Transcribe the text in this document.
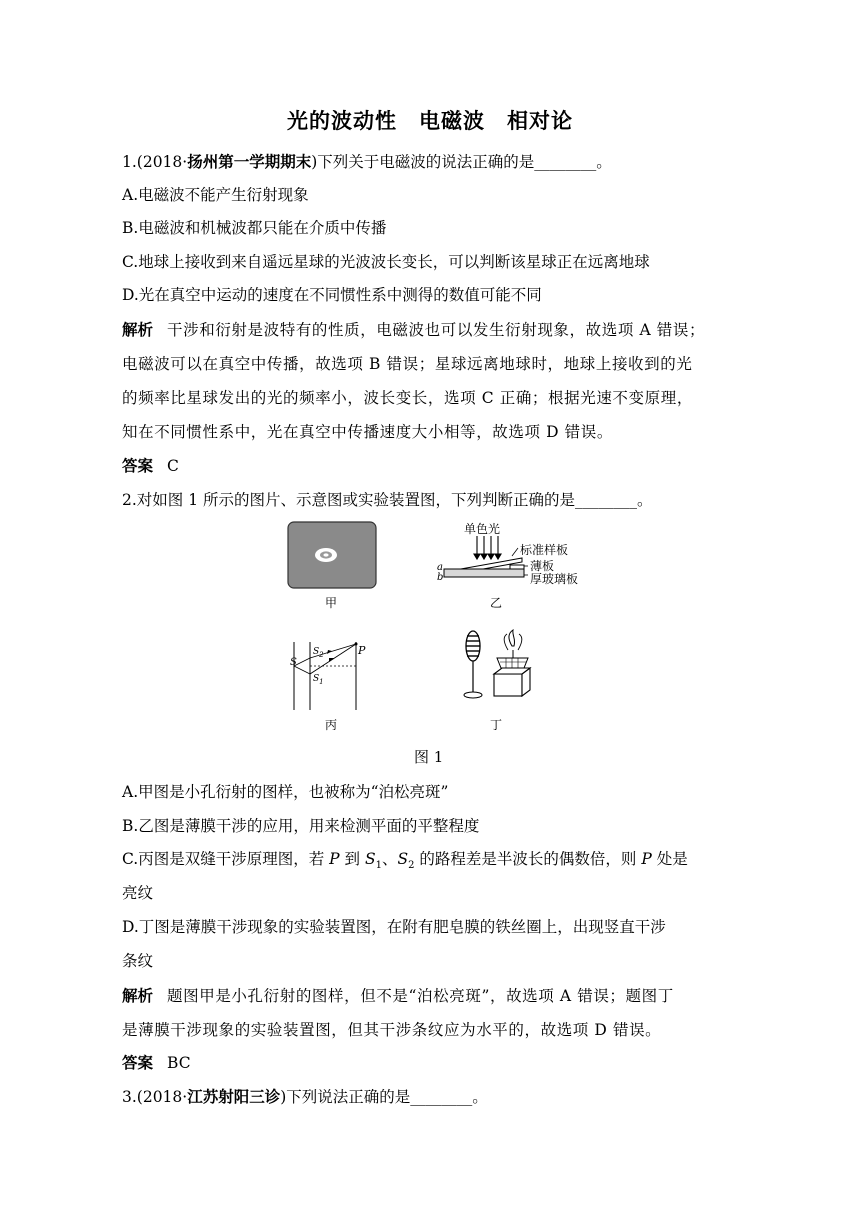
光的波动性　电磁波　相对论
1.(2018·扬州第一学期期末)下列关于电磁波的说法正确的是________。
A.电磁波不能产生衍射现象
B.电磁波和机械波都只能在介质中传播
C.地球上接收到来自遥远星球的光波波长变长，可以判断该星球正在远离地球
D.光在真空中运动的速度在不同惯性系中测得的数值可能不同
解析 干涉和衍射是波特有的性质，电磁波也可以发生衍射现象，故选项 A 错误；
电磁波可以在真空中传播，故选项 B 错误；星球远离地球时，地球上接收到的光
的频率比星球发出的光的频率小，波长变长，选项 C 正确；根据光速不变原理，
知在不同惯性系中，光在真空中传播速度大小相等，故选项 D 错误。
答案 C
2.对如图 1 所示的图片、示意图或实验装置图，下列判断正确的是________。
甲
单色光
标准样板
薄板
厚玻璃板
a
b
乙
P
S
$S_2$
$S_1$
丙	丁
图 1
A.甲图是小孔衍射的图样，也被称为“泊松亮斑”
B.乙图是薄膜干涉的应用，用来检测平面的平整程度
C.丙图是双缝干涉原理图，若 P 到 $S_1$、$S_2$ 的路程差是半波长的偶数倍，则 P 处是
亮纹
D.丁图是薄膜干涉现象的实验装置图，在附有肥皂膜的铁丝圈上，出现竖直干涉
条纹
解析 题图甲是小孔衍射的图样，但不是“泊松亮斑”，故选项 A 错误；题图丁
是薄膜干涉现象的实验装置图，但其干涉条纹应为水平的，故选项 D 错误。
答案 BC
3.(2018·江苏射阳三诊)下列说法正确的是________。
